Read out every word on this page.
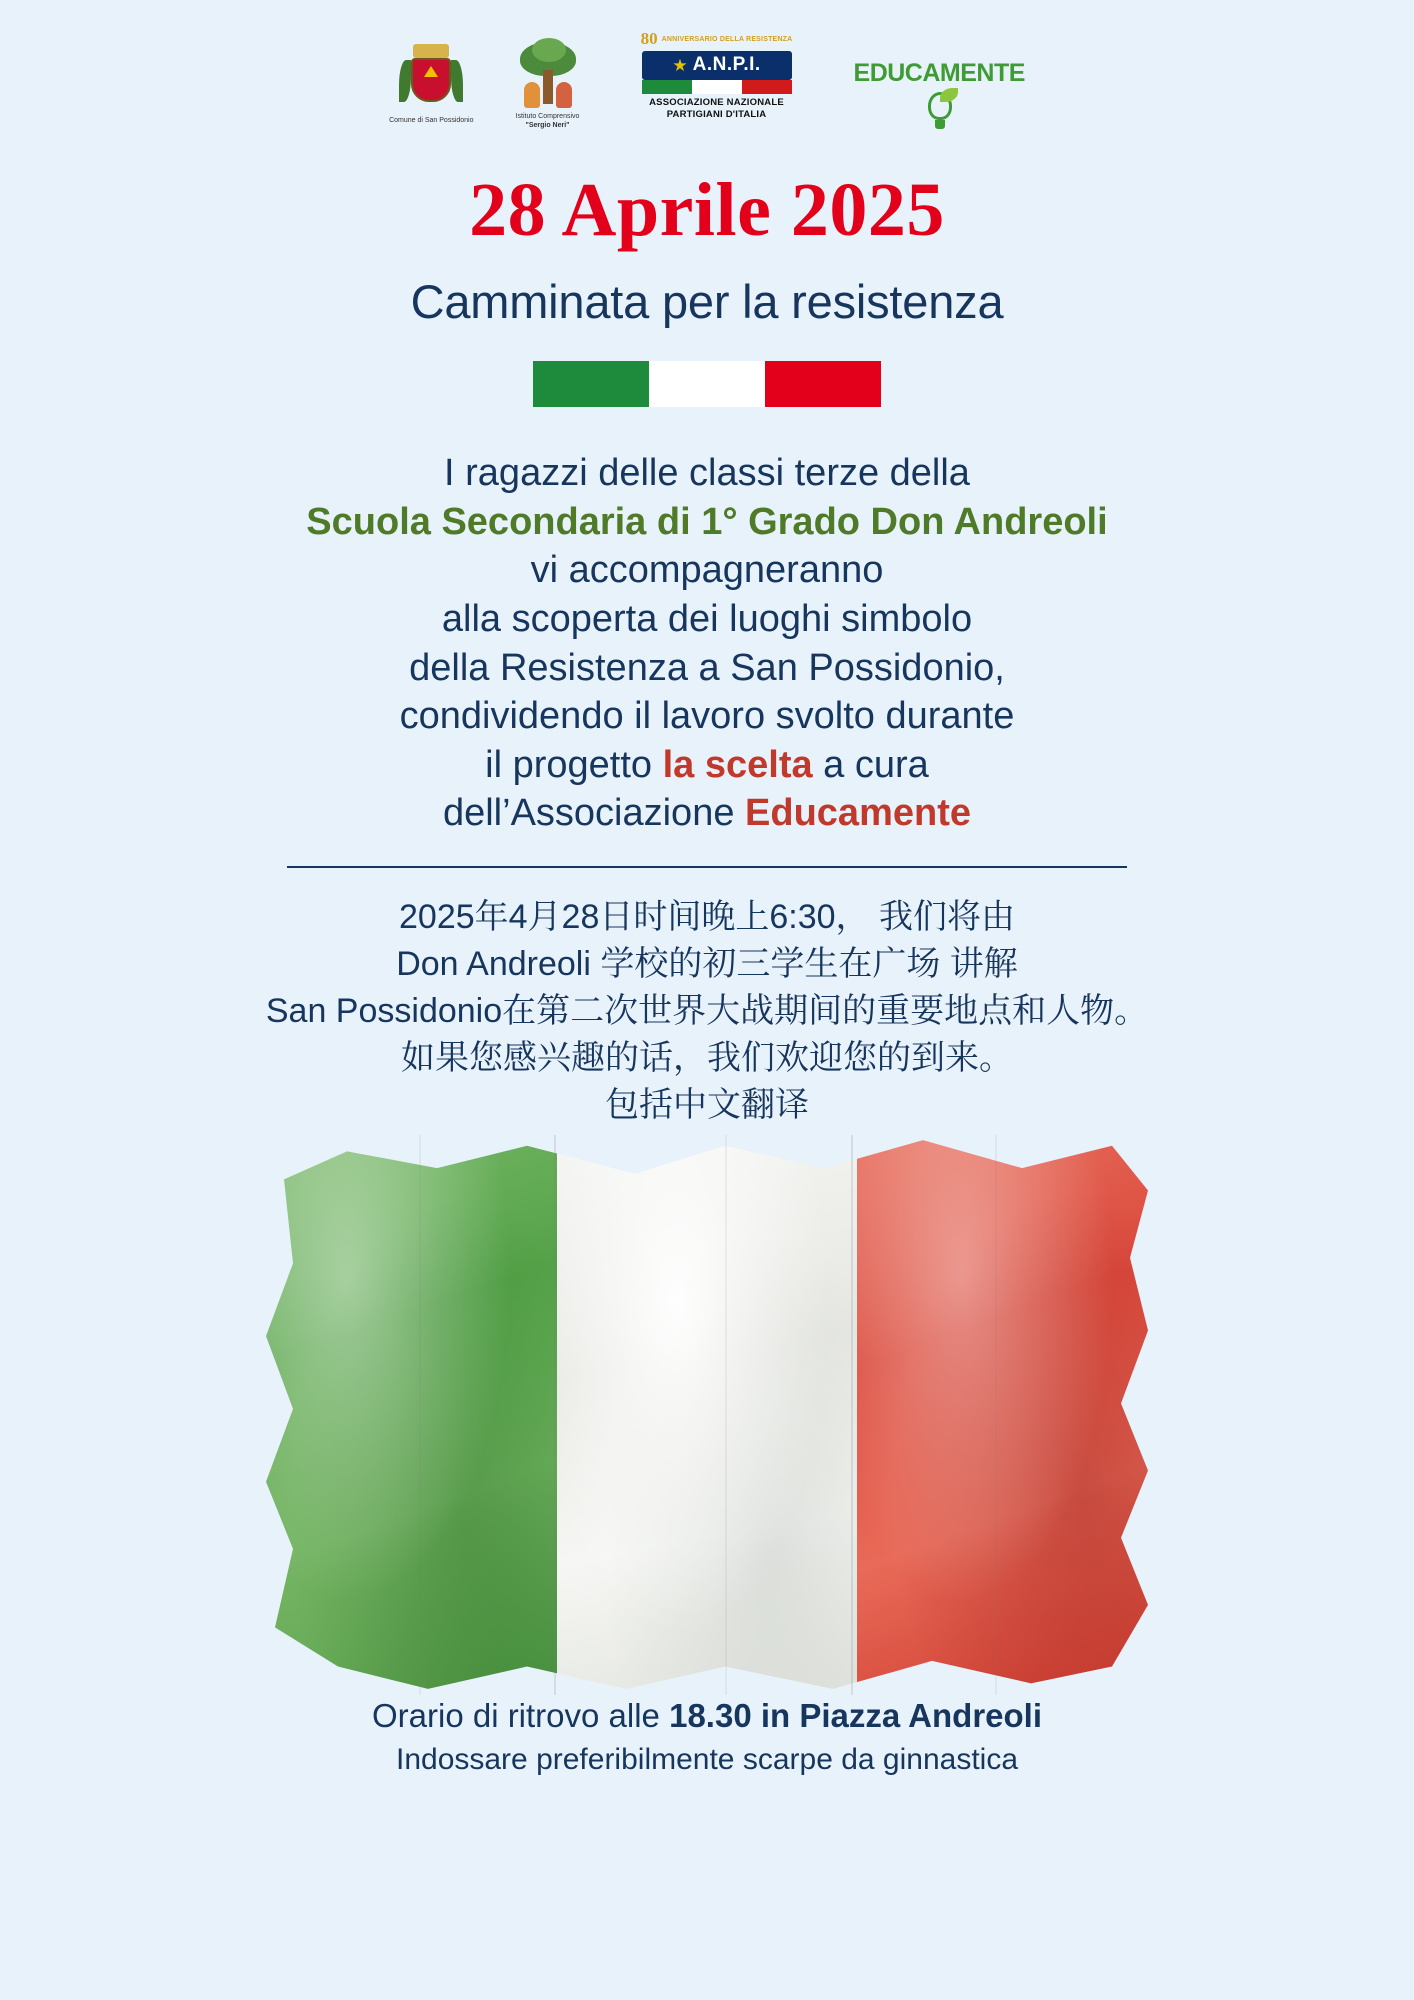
Comune di San Possidonio
Istituto Comprensivo
"Sergio Neri"
80 ANNIVERSARIO DELLA RESISTENZA
★ A.N.P.I.
ASSOCIAZIONE NAZIONALE
PARTIGIANI D'ITALIA
EDUCAMENTE
28 Aprile 2025
Camminata per la resistenza
I ragazzi delle classi terze della
Scuola Secondaria di 1° Grado Don Andreoli
vi accompagneranno
alla scoperta dei luoghi simbolo
della Resistenza a San Possidonio,
condividendo il lavoro svolto durante
il progetto la scelta a cura
dell’Associazione Educamente
2025年4月28日时间晚上6:30， 我们将由
Don Andreoli 学校的初三学生在广场 讲解
San Possidonio在第二次世界大战期间的重要地点和人物。
如果您感兴趣的话，我们欢迎您的到来。
包括中文翻译
Orario di ritrovo alle 18.30 in Piazza Andreoli
Indossare preferibilmente scarpe da ginnastica
